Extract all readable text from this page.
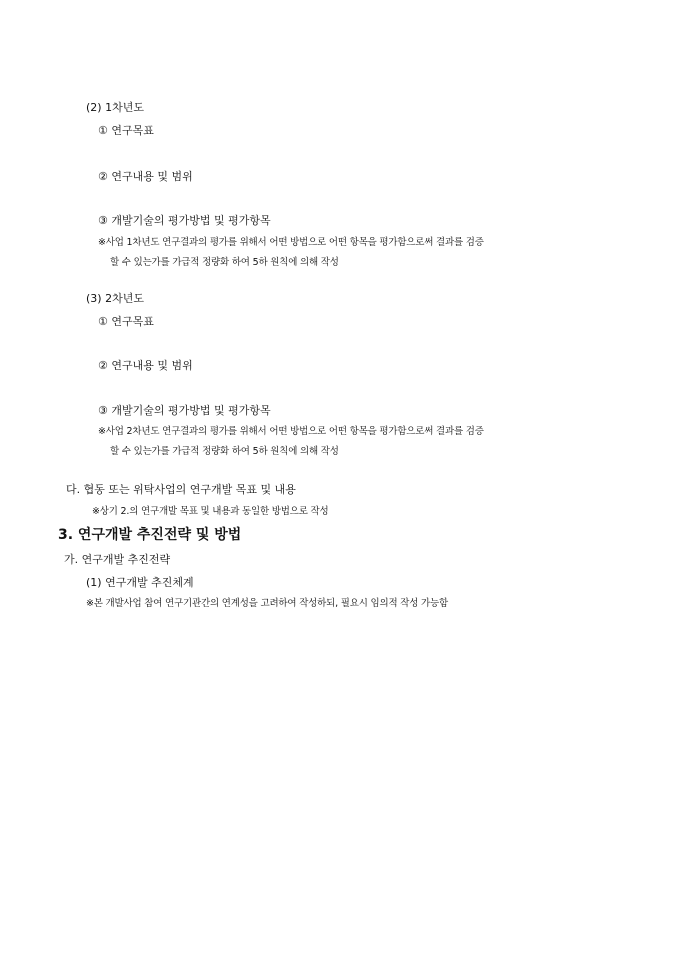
(2) 1차년도
① 연구목표
② 연구내용 및 범위
③ 개발기술의 평가방법 및 평가항목
※사업 1차년도 연구결과의 평가를 위해서 어떤 방법으로 어떤 항목을 평가함으로써 결과를 검증
할 수 있는가를 가급적 정량화 하여 5하 원칙에 의해 작성
(3) 2차년도
① 연구목표
② 연구내용 및 범위
③ 개발기술의 평가방법 및 평가항목
※사업 2차년도 연구결과의 평가를 위해서 어떤 방법으로 어떤 항목을 평가함으로써 결과를 검증
할 수 있는가를 가급적 정량화 하여 5하 원칙에 의해 작성
다. 협동 또는 위탁사업의 연구개발 목표 및 내용
※상기 2.의 연구개발 목표 및 내용과 동일한 방법으로 작성
3. 연구개발 추진전략 및 방법
가. 연구개발 추진전략
(1) 연구개발 추진체계
※본 개발사업 참여 연구기관간의 연계성을 고려하여 작성하되, 필요시 임의적 작성 가능함
